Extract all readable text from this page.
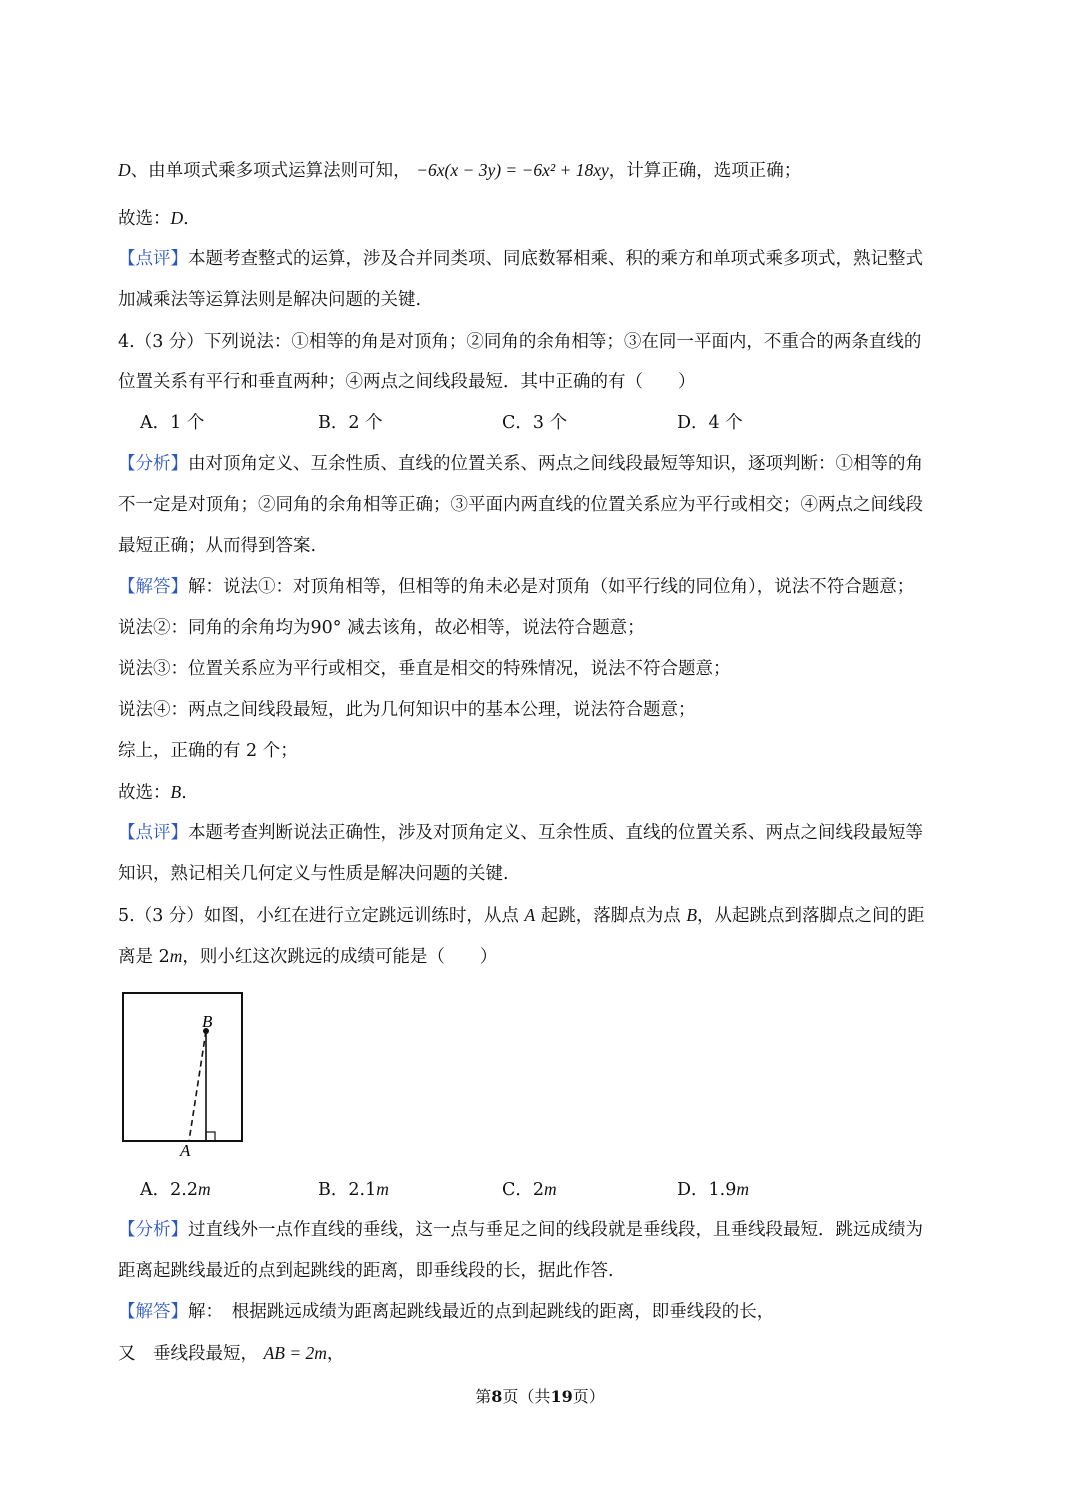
D、由单项式乘多项式运算法则可知， −6x(x − 3y) = −6x² + 18xy，计算正确，选项正确；
故选：D.
【点评】本题考查整式的运算，涉及合并同类项、同底数幂相乘、积的乘方和单项式乘多项式，熟记整式
加减乘法等运算法则是解决问题的关键.
4.（3 分）下列说法：①相等的角是对顶角；②同角的余角相等；③在同一平面内，不重合的两条直线的
位置关系有平行和垂直两种；④两点之间线段最短．其中正确的有（　　）
A．1 个	B．2 个	C．3 个	D．4 个
【分析】由对顶角定义、互余性质、直线的位置关系、两点之间线段最短等知识，逐项判断：①相等的角
不一定是对顶角；②同角的余角相等正确；③平面内两直线的位置关系应为平行或相交；④两点之间线段
最短正确；从而得到答案.
【解答】解：说法①：对顶角相等，但相等的角未必是对顶角（如平行线的同位角），说法不符合题意；
说法②：同角的余角均为90° 减去该角，故必相等，说法符合题意；
说法③：位置关系应为平行或相交，垂直是相交的特殊情况，说法不符合题意；
说法④：两点之间线段最短，此为几何知识中的基本公理，说法符合题意；
综上，正确的有 2 个；
故选：B.
【点评】本题考查判断说法正确性，涉及对顶角定义、互余性质、直线的位置关系、两点之间线段最短等
知识，熟记相关几何定义与性质是解决问题的关键.
5.（3 分）如图，小红在进行立定跳远训练时，从点 A 起跳，落脚点为点 B，从起跳点到落脚点之间的距
离是 2m，则小红这次跳远的成绩可能是（　　）
B
A
A．2.2m	B．2.1m	C．2m	D．1.9m
【分析】过直线外一点作直线的垂线，这一点与垂足之间的线段就是垂线段，且垂线段最短．跳远成绩为
距离起跳线最近的点到起跳线的距离，即垂线段的长，据此作答.
【解答】解：　根据跳远成绩为距离起跳线最近的点到起跳线的距离，即垂线段的长，
又　垂线段最短， AB = 2m，
第8页（共19页）
